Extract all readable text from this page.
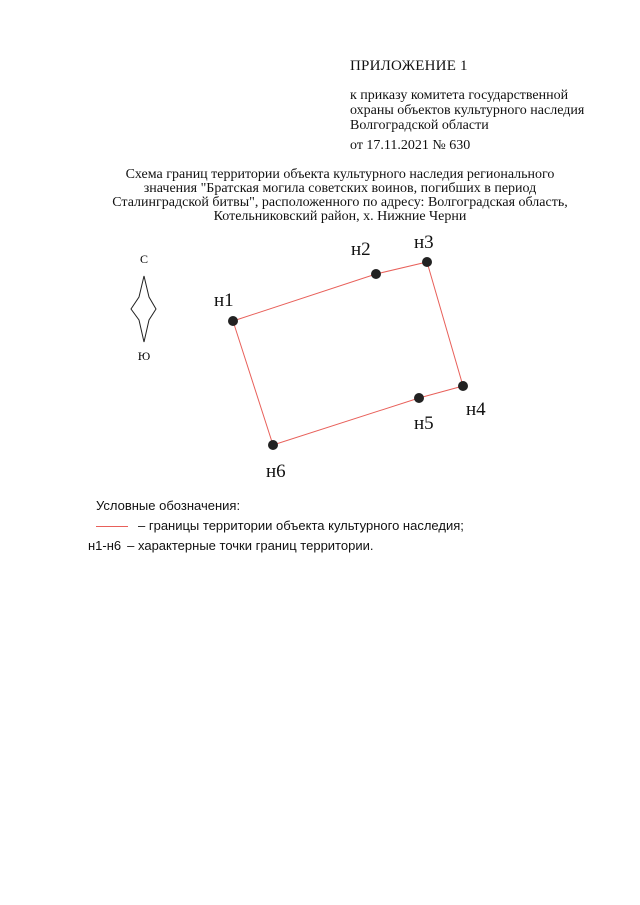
ПРИЛОЖЕНИЕ 1
к приказу комитета государственной
охраны объектов культурного наследия
Волгоградской области
от 17.11.2021 № 630
Схема границ территории объекта культурного наследия регионального
значения "Братская могила советских воинов, погибших в период
Сталинградской битвы", расположенного по адресу: Волгоградская область,
Котельниковский район, х. Нижние Черни
С
Ю
н1
н2 н3
н4
н5
н6
Условные обозначения:
– границы территории объекта культурного наследия;
н1-н6 – характерные точки границ территории.
